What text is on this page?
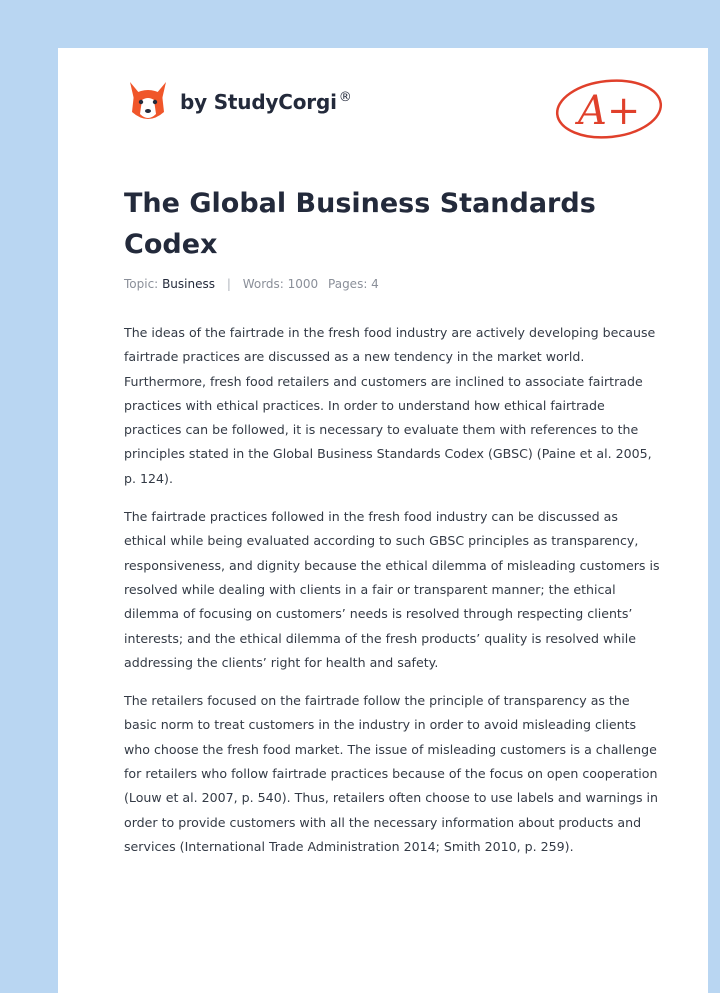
by StudyCorgi ®	A+
The Global Business Standards Codex
Topic: Business | Words: 1000 Pages: 4

The ideas of the fairtrade in the fresh food industry are actively developing because fairtrade practices are discussed as a new tendency in the market world. Furthermore, fresh food retailers and customers are inclined to associate fairtrade practices with ethical practices. In order to understand how ethical fairtrade practices can be followed, it is necessary to evaluate them with references to the principles stated in the Global Business Standards Codex (GBSC) (Paine et al. 2005, p. 124).

The fairtrade practices followed in the fresh food industry can be discussed as ethical while being evaluated according to such GBSC principles as transparency, responsiveness, and dignity because the ethical dilemma of misleading customers is resolved while dealing with clients in a fair or transparent manner; the ethical dilemma of focusing on customers’ needs is resolved through respecting clients’ interests; and the ethical dilemma of the fresh products’ quality is resolved while addressing the clients’ right for health and safety.

The retailers focused on the fairtrade follow the principle of transparency as the basic norm to treat customers in the industry in order to avoid misleading clients who choose the fresh food market. The issue of misleading customers is a challenge for retailers who follow fairtrade practices because of the focus on open cooperation (Louw et al. 2007, p. 540). Thus, retailers often choose to use labels and warnings in order to provide customers with all the necessary information about products and services (International Trade Administration 2014; Smith 2010, p. 259).
